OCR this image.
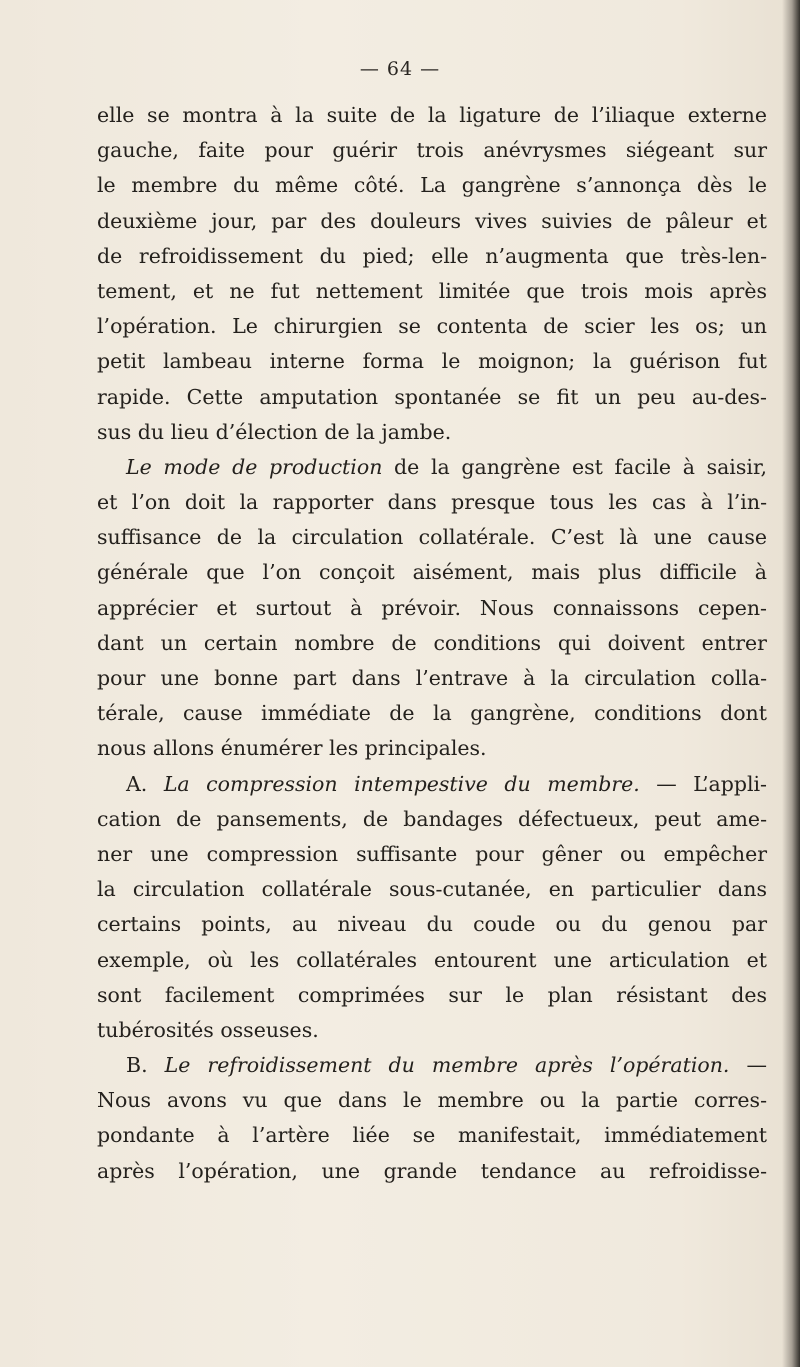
— 64 —
elle se montra à la suite de la ligature de l’iliaque externe
gauche, faite pour guérir trois anévrysmes siégeant sur
le membre du même côté. La gangrène s’annonça dès le
deuxième jour, par des douleurs vives suivies de pâleur et
de refroidissement du pied; elle n’augmenta que très-len-
tement, et ne fut nettement limitée que trois mois après
l’opération. Le chirurgien se contenta de scier les os; un
petit lambeau interne forma le moignon; la guérison fut
rapide. Cette amputation spontanée se fit un peu au-des-
sus du lieu d’élection de la jambe.
Le mode de production de la gangrène est facile à saisir,
et l’on doit la rapporter dans presque tous les cas à l’in-
suffisance de la circulation collatérale. C’est là une cause
générale que l’on conçoit aisément, mais plus difficile à
apprécier et surtout à prévoir. Nous connaissons cepen-
dant un certain nombre de conditions qui doivent entrer
pour une bonne part dans l’entrave à la circulation colla-
térale, cause immédiate de la gangrène, conditions dont
nous allons énumérer les principales.
A. La compression intempestive du membre. — L’appli-
cation de pansements, de bandages défectueux, peut ame-
ner une compression suffisante pour gêner ou empêcher
la circulation collatérale sous-cutanée, en particulier dans
certains points, au niveau du coude ou du genou par
exemple, où les collatérales entourent une articulation et
sont facilement comprimées sur le plan résistant des
tubérosités osseuses.
B. Le refroidissement du membre après l’opération. —
Nous avons vu que dans le membre ou la partie corres-
pondante à l’artère liée se manifestait, immédiatement
après l’opération, une grande tendance au refroidisse-
